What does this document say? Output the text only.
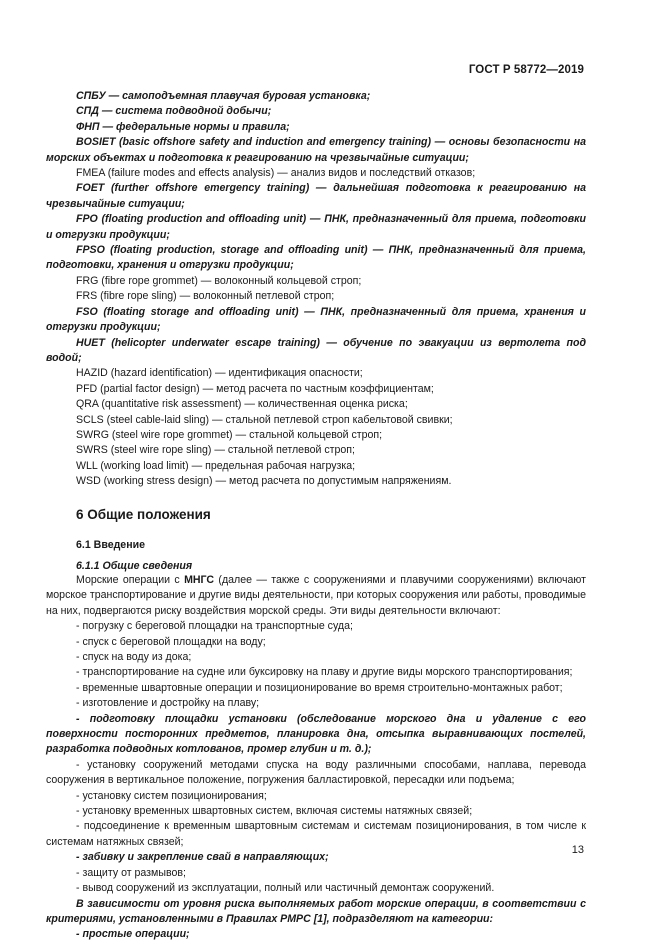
ГОСТ Р 58772—2019

СПБУ — самоподъемная плавучая буровая установка;

СПД — система подводной добычи;

ФНП — федеральные нормы и правила;

BOSIET (basic offshore safety and induction and emergency training) — основы безопасности на морских объектах и подготовка к реагированию на чрезвычайные ситуации;

FMEA (failure modes and effects analysis) — анализ видов и последствий отказов;

FOET (further offshore emergency training) — дальнейшая подготовка к реагированию на чрезвычайные ситуации;

FPO (floating production and offloading unit) — ПНК, предназначенный для приема, подготовки и отгрузки продукции;

FPSO (floating production, storage and offloading unit) — ПНК, предназначенный для приема, подготовки, хранения и отгрузки продукции;

FRG (fibre rope grommet) — волоконный кольцевой строп;

FRS (fibre rope sling) — волоконный петлевой строп;

FSO (floating storage and offloading unit) — ПНК, предназначенный для приема, хранения и отгрузки продукции;

HUET (helicopter underwater escape training) — обучение по эвакуации из вертолета под водой;

HAZID (hazard identification) — идентификация опасности;

PFD (partial factor design) — метод расчета по частным коэффициентам;

QRA (quantitative risk assessment) — количественная оценка риска;

SCLS (steel cable-laid sling) — стальной петлевой строп кабельтовой свивки;

SWRG (steel wire rope grommet) — стальной кольцевой строп;

SWRS (steel wire rope sling) — стальной петлевой строп;

WLL (working load limit) — предельная рабочая нагрузка;

WSD (working stress design) — метод расчета по допустимым напряжениям.

6 Общие положения
6.1 Введение
6.1.1 Общие сведения

Морские операции с МНГС (далее — также с сооружениями и плавучими сооружениями) включают морское транспортирование и другие виды деятельности, при которых сооружения или работы, проводимые на них, подвергаются риску воздействия морской среды. Эти виды деятельности включают:

- погрузку с береговой площадки на транспортные суда;

- спуск с береговой площадки на воду;

- спуск на воду из дока;

- транспортирование на судне или буксировку на плаву и другие виды морского транспортирования;

- временные швартовные операции и позиционирование во время строительно-монтажных работ;

- изготовление и достройку на плаву;

- подготовку площадки установки (обследование морского дна и удаление с его поверхности посторонних предметов, планировка дна, отсыпка выравнивающих постелей, разработка подводных котлованов, промер глубин и т. д.);

- установку сооружений методами спуска на воду различными способами, наплава, перевода сооружения в вертикальное положение, погружения балластировкой, пересадки или подъема;

- установку систем позиционирования;

- установку временных швартовных систем, включая системы натяжных связей;

- подсоединение к временным швартовным системам и системам позиционирования, в том числе к системам натяжных связей;

- забивку и закрепление свай в направляющих;

- защиту от размывов;

- вывод сооружений из эксплуатации, полный или частичный демонтаж сооружений.

В зависимости от уровня риска выполняемых работ морские операции, в соответствии с критериями, установленными в Правилах РМРС [1], подразделяют на категории:

- простые операции;

13
